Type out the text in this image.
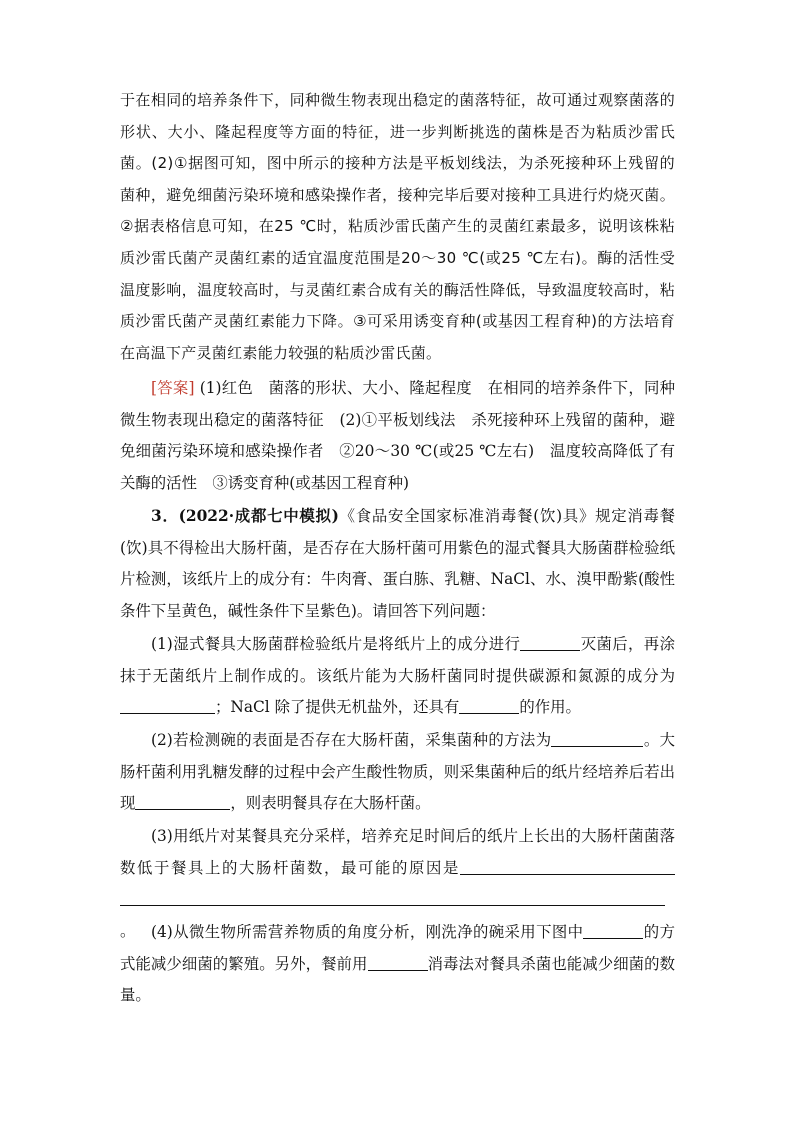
于在相同的培养条件下，同种微生物表现出稳定的菌落特征，故可通过观察菌落的形状、大小、隆起程度等方面的特征，进一步判断挑选的菌株是否为粘质沙雷氏菌。(2)①据图可知，图中所示的接种方法是平板划线法，为杀死接种环上残留的菌种，避免细菌污染环境和感染操作者，接种完毕后要对接种工具进行灼烧灭菌。②据表格信息可知，在25 ℃时，粘质沙雷氏菌产生的灵菌红素最多，说明该株粘质沙雷氏菌产灵菌红素的适宜温度范围是20～30 ℃(或25 ℃左右)。酶的活性受温度影响，温度较高时，与灵菌红素合成有关的酶活性降低，导致温度较高时，粘质沙雷氏菌产灵菌红素能力下降。③可采用诱变育种(或基因工程育种)的方法培育在高温下产灵菌红素能力较强的粘质沙雷氏菌。

[答案] (1)红色　菌落的形状、大小、隆起程度　在相同的培养条件下，同种微生物表现出稳定的菌落特征　(2)①平板划线法　杀死接种环上残留的菌种，避免细菌污染环境和感染操作者　②20～30 ℃(或25 ℃左右)　温度较高降低了有关酶的活性　③诱变育种(或基因工程育种)

3．(2022·成都七中模拟)《食品安全国家标准消毒餐(饮)具》规定消毒餐(饮)具不得检出大肠杆菌，是否存在大肠杆菌可用紫色的湿式餐具大肠菌群检验纸片检测，该纸片上的成分有：牛肉膏、蛋白胨、乳糖、NaCl、水、溴甲酚紫(酸性条件下呈黄色，碱性条件下呈紫色)。请回答下列问题：

(1)湿式餐具大肠菌群检验纸片是将纸片上的成分进行	灭菌后，再涂抹于无菌纸片上制作成的。该纸片能为大肠杆菌同时提供碳源和氮源的成分为；NaCl 除了提供无机盐外，还具有	的作用。

(2)若检测碗的表面是否存在大肠杆菌，采集菌种的方法为	。大肠杆菌利用乳糖发酵的过程中会产生酸性物质，则采集菌种后的纸片经培养后若出现	，则表明餐具存在大肠杆菌。

(3)用纸片对某餐具充分采样，培养充足时间后的纸片上长出的大肠杆菌菌落数低于餐具上的大肠杆菌数，最可能的原因是。	(4)从微生物所需营养物质的角度分析，刚洗净的碗采用下图中	的方式能减少细菌的繁殖。另外，餐前用	消毒法对餐具杀菌也能减少细菌的数量。
